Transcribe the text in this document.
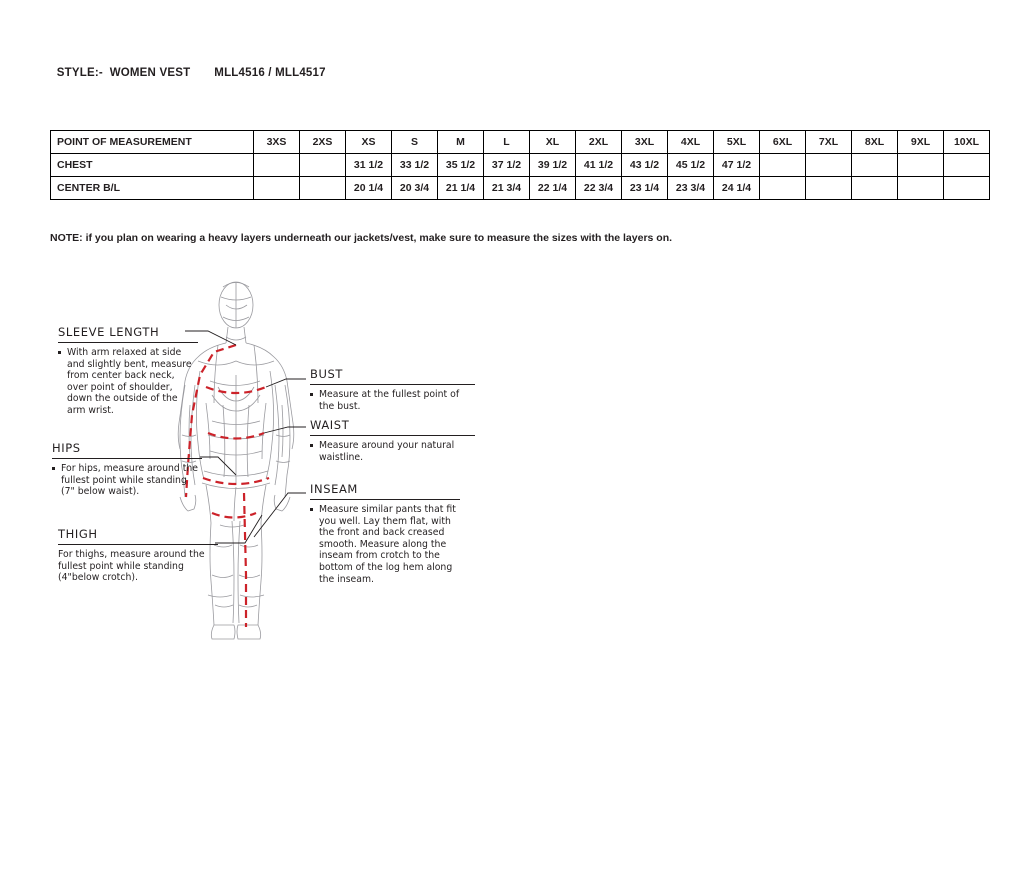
STYLE:-  WOMEN VEST MLL4516 / MLL4517

POINT OF MEASUREMENT	3XS	2XS	XS	S	M	L	XL	2XL	3XL	4XL	5XL	6XL	7XL	8XL	9XL	10XL
CHEST			31 1/2	33 1/2	35 1/2	37 1/2	39 1/2	41 1/2	43 1/2	45 1/2	47 1/2					
CENTER B/L			20 1/4	20 3/4	21 1/4	21 3/4	22 1/4	22 3/4	23 1/4	23 3/4	24 1/4					
NOTE: if you plan on wearing a heavy layers underneath our jackets/vest, make sure to measure the sizes with the layers on.
SLEEVE LENGTH
With arm relaxed at side and slightly bent, measure from center back neck, over point of shoulder, down the outside of the arm wrist.
HIPS
For hips, measure around the fullest point while standing (7" below waist).
THIGH
For thighs, measure around the fullest point while standing (4"below crotch).
BUST
Measure at the fullest point of the bust.
WAIST
Measure around your natural waistline.
INSEAM
Measure similar pants that fit you well. Lay them flat, with the front and back creased smooth. Measure along the inseam from crotch to the bottom of the log hem along the inseam.
